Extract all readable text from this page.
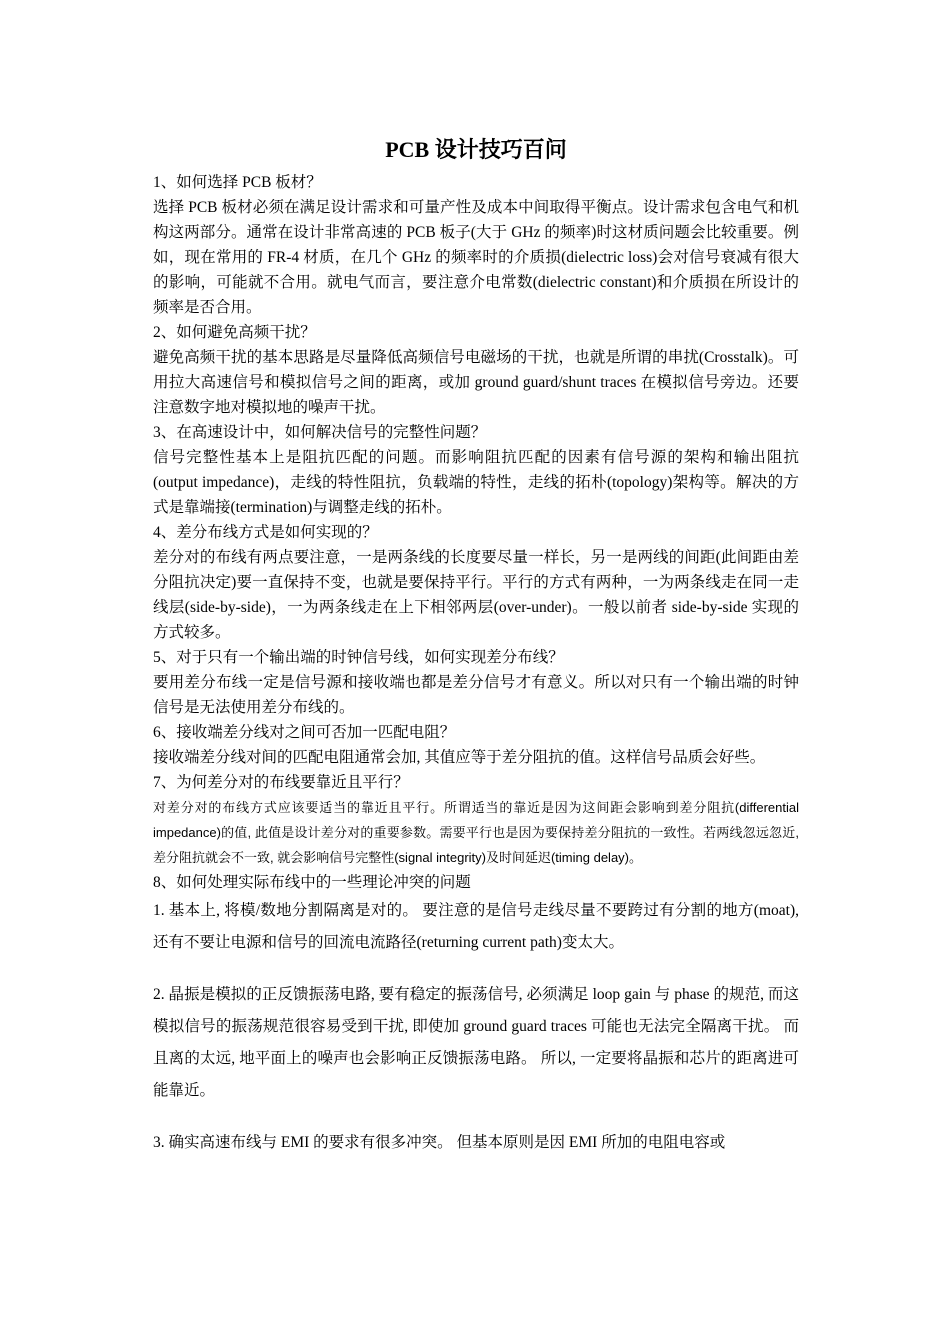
PCB 设计技巧百问

1、如何选择 PCB 板材？

选择 PCB 板材必须在满足设计需求和可量产性及成本中间取得平衡点。设计需求包含电气和机构这两部分。通常在设计非常高速的 PCB 板子(大于 GHz 的频率)时这材质问题会比较重要。例如，现在常用的 FR-4 材质，在几个 GHz 的频率时的介质损(dielectric loss)会对信号衰减有很大的影响，可能就不合用。就电气而言，要注意介电常数(dielectric constant)和介质损在所设计的频率是否合用。

2、如何避免高频干扰？

避免高频干扰的基本思路是尽量降低高频信号电磁场的干扰，也就是所谓的串扰(Crosstalk)。可用拉大高速信号和模拟信号之间的距离，或加 ground guard/shunt traces 在模拟信号旁边。还要注意数字地对模拟地的噪声干扰。

3、在高速设计中，如何解决信号的完整性问题？

信号完整性基本上是阻抗匹配的问题。而影响阻抗匹配的因素有信号源的架构和输出阻抗(output impedance)，走线的特性阻抗，负载端的特性，走线的拓朴(topology)架构等。解决的方式是靠端接(termination)与调整走线的拓朴。

4、差分布线方式是如何实现的？

差分对的布线有两点要注意，一是两条线的长度要尽量一样长，另一是两线的间距(此间距由差分阻抗决定)要一直保持不变，也就是要保持平行。平行的方式有两种，一为两条线走在同一走线层(side-by-side)，一为两条线走在上下相邻两层(over-under)。一般以前者 side-by-side 实现的方式较多。

5、对于只有一个输出端的时钟信号线，如何实现差分布线？

要用差分布线一定是信号源和接收端也都是差分信号才有意义。所以对只有一个输出端的时钟信号是无法使用差分布线的。

6、接收端差分线对之间可否加一匹配电阻？

接收端差分线对间的匹配电阻通常会加, 其值应等于差分阻抗的值。这样信号品质会好些。

7、为何差分对的布线要靠近且平行？

对差分对的布线方式应该要适当的靠近且平行。所谓适当的靠近是因为这间距会影响到差分阻抗(differential impedance)的值, 此值是设计差分对的重要参数。需要平行也是因为要保持差分阻抗的一致性。若两线忽远忽近, 差分阻抗就会不一致, 就会影响信号完整性(signal integrity)及时间延迟(timing delay)。

8、如何处理实际布线中的一些理论冲突的问题

1. 基本上, 将模/数地分割隔离是对的。 要注意的是信号走线尽量不要跨过有分割的地方(moat), 还有不要让电源和信号的回流电流路径(returning current path)变太大。

2. 晶振是模拟的正反馈振荡电路, 要有稳定的振荡信号, 必须满足 loop gain 与 phase 的规范, 而这模拟信号的振荡规范很容易受到干扰, 即使加 ground guard traces 可能也无法完全隔离干扰。 而且离的太远, 地平面上的噪声也会影响正反馈振荡电路。 所以, 一定要将晶振和芯片的距离进可能靠近。

3. 确实高速布线与 EMI 的要求有很多冲突。 但基本原则是因 EMI 所加的电阻电容或
